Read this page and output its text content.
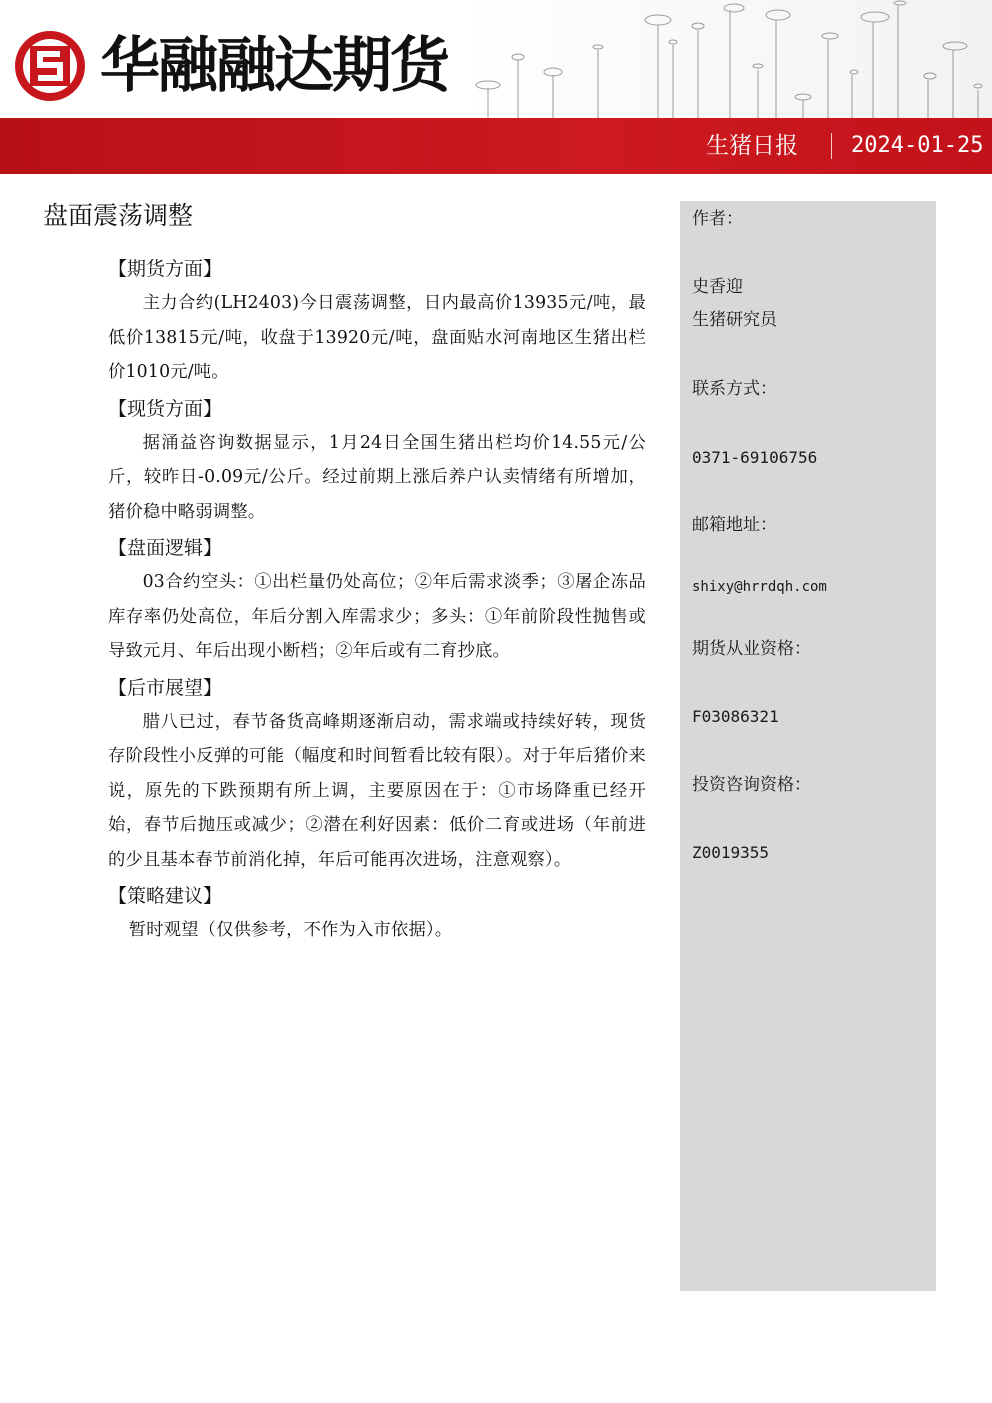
华融融达期货
生猪日报 2024-01-25
盘面震荡调整
【期货方面】

主力合约(LH2403)今日震荡调整，日内最高价13935元/吨，最低价13815元/吨，收盘于13920元/吨，盘面贴水河南地区生猪出栏价1010元/吨。

【现货方面】

据涌益咨询数据显示，1月24日全国生猪出栏均价14.55元/公斤，较昨日-0.09元/公斤。经过前期上涨后养户认卖情绪有所增加，猪价稳中略弱调整。

【盘面逻辑】

03合约空头：①出栏量仍处高位；②年后需求淡季；③屠企冻品库存率仍处高位，年后分割入库需求少；多头：①年前阶段性抛售或导致元月、年后出现小断档；②年后或有二育抄底。

【后市展望】

腊八已过，春节备货高峰期逐渐启动，需求端或持续好转，现货存阶段性小反弹的可能（幅度和时间暂看比较有限）。对于年后猪价来说，原先的下跌预期有所上调，主要原因在于：①市场降重已经开始，春节后抛压或减少；②潜在利好因素：低价二育或进场（年前进的少且基本春节前消化掉，年后可能再次进场，注意观察）。

【策略建议】

暂时观望（仅供参考，不作为入市依据）。

作者：
史香迎
生猪研究员
联系方式：
0371-69106756
邮箱地址：
shixy@hrrdqh.com
期货从业资格：
F03086321
投资咨询资格：
Z0019355
